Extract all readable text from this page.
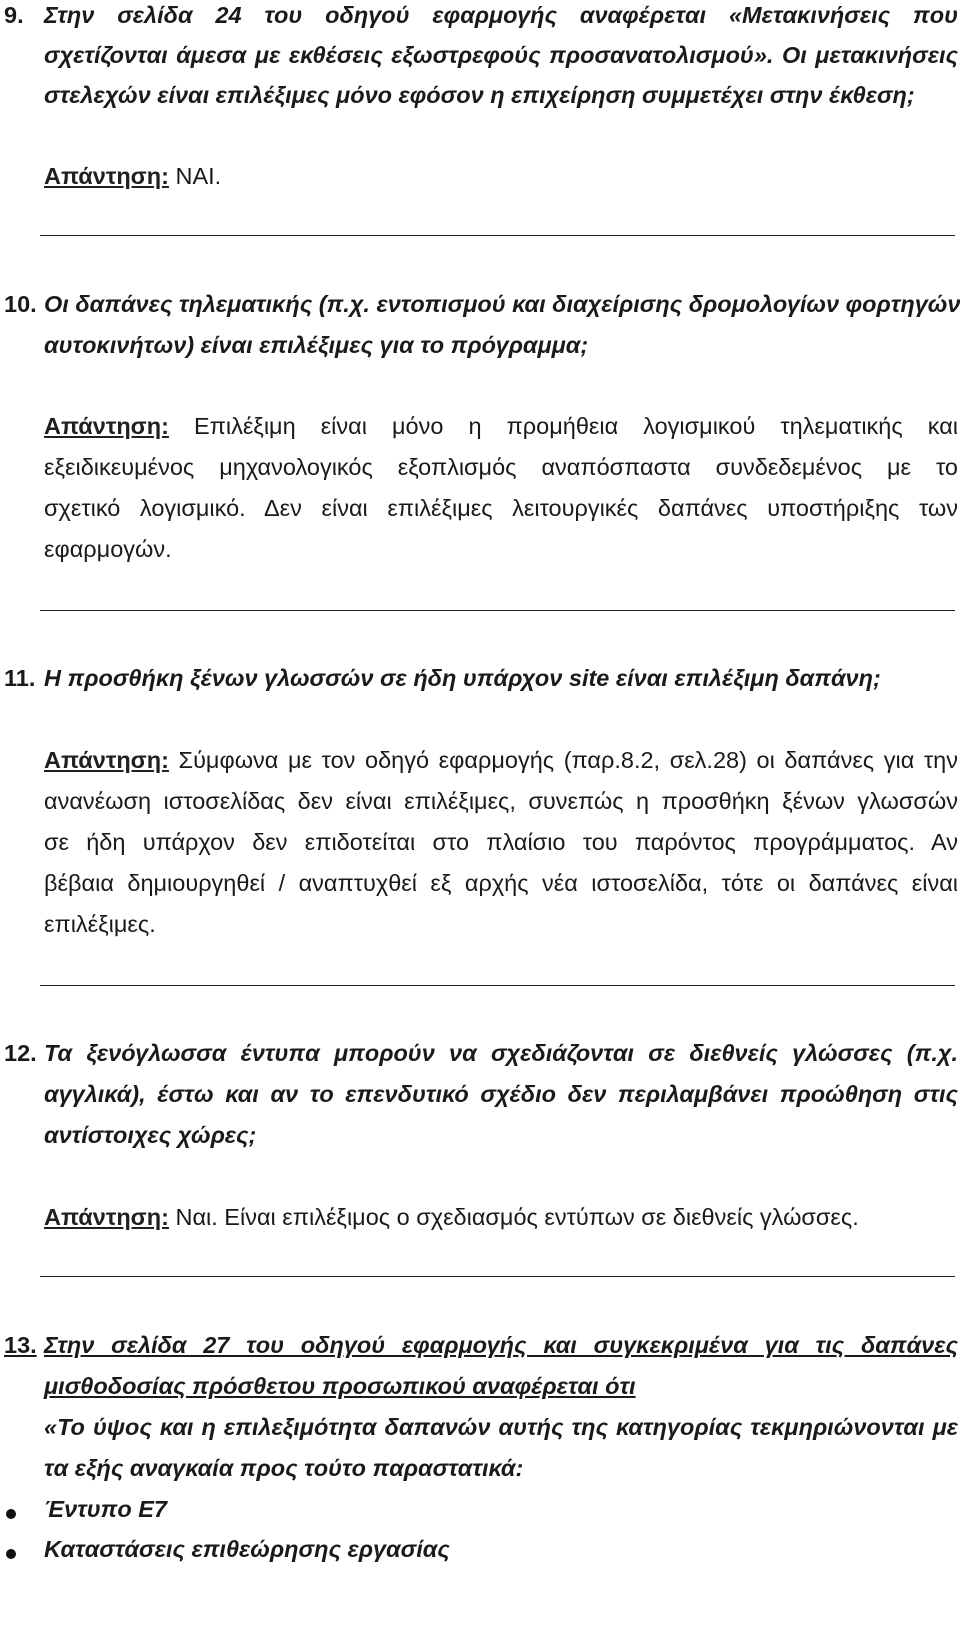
9. Στην σελίδα 24 του οδηγού εφαρμογής αναφέρεται «Μετακινήσεις που
σχετίζονται άμεσα με εκθέσεις εξωστρεφούς προσανατολισμού». Οι μετακινήσεις
στελεχών είναι επιλέξιμες μόνο εφόσον η επιχείρηση συμμετέχει στην έκθεση;
Απάντηση: ΝΑΙ.
10. Οι δαπάνες τηλεματικής (π.χ. εντοπισμού και διαχείρισης δρομολογίων φορτηγών
αυτοκινήτων) είναι επιλέξιμες για το πρόγραμμα;
Απάντηση: Επιλέξιμη είναι μόνο η προμήθεια λογισμικού τηλεματικής και
εξειδικευμένος μηχανολογικός εξοπλισμός αναπόσπαστα συνδεδεμένος με το
σχετικό λογισμικό. Δεν είναι επιλέξιμες λειτουργικές δαπάνες υποστήριξης των
εφαρμογών.
11. Η προσθήκη ξένων γλωσσών σε ήδη υπάρχον site είναι επιλέξιμη δαπάνη;
Απάντηση: Σύμφωνα με τον οδηγό εφαρμογής (παρ.8.2, σελ.28) οι δαπάνες για την
ανανέωση ιστοσελίδας δεν είναι επιλέξιμες, συνεπώς η προσθήκη ξένων γλωσσών
σε ήδη υπάρχον δεν επιδοτείται στο πλαίσιο του παρόντος προγράμματος. Αν
βέβαια δημιουργηθεί / αναπτυχθεί εξ αρχής νέα ιστοσελίδα, τότε οι δαπάνες είναι
επιλέξιμες.
12. Τα ξενόγλωσσα έντυπα μπορούν να σχεδιάζονται σε διεθνείς γλώσσες (π.χ.
αγγλικά), έστω και αν το επενδυτικό σχέδιο δεν περιλαμβάνει προώθηση στις
αντίστοιχες χώρες;
Απάντηση: Ναι. Είναι επιλέξιμος ο σχεδιασμός εντύπων σε διεθνείς γλώσσες.
13. Στην σελίδα 27 του οδηγού εφαρμογής και συγκεκριμένα για τις δαπάνες
μισθοδοσίας πρόσθετου προσωπικού αναφέρεται ότι
«Το ύψος και η επιλεξιμότητα δαπανών αυτής της κατηγορίας τεκμηριώνονται με
τα εξής αναγκαία προς τούτο παραστατικά:
Έντυπο Ε7
Καταστάσεις επιθεώρησης εργασίας
